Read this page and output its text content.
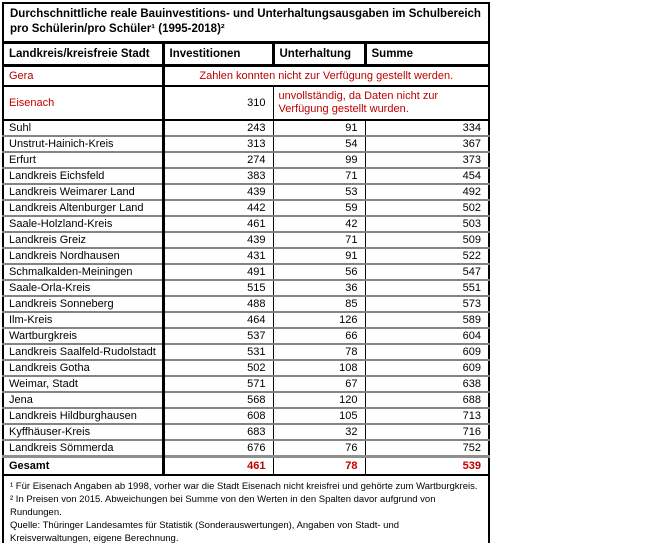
Durchschnittliche reale Bauinvestitions- und Unterhaltungsausgaben im Schulbereich pro Schülerin/pro Schüler¹ (1995-2018)²			
Landkreis/kreisfreie Stadt	Investitionen	Unterhaltung	Summe
Gera	Zahlen konnten nicht zur Verfügung gestellt werden.		
Eisenach	310	unvollständig, da Daten nicht zur Verfügung gestellt wurden.	
Suhl	243	91	334
Unstrut-Hainich-Kreis	313	54	367
Erfurt	274	99	373
Landkreis Eichsfeld	383	71	454
Landkreis Weimarer Land	439	53	492
Landkreis Altenburger Land	442	59	502
Saale-Holzland-Kreis	461	42	503
Landkreis Greiz	439	71	509
Landkreis Nordhausen	431	91	522
Schmalkalden-Meiningen	491	56	547
Saale-Orla-Kreis	515	36	551
Landkreis Sonneberg	488	85	573
Ilm-Kreis	464	126	589
Wartburgkreis	537	66	604
Landkreis Saalfeld-Rudolstadt	531	78	609
Landkreis Gotha	502	108	609
Weimar, Stadt	571	67	638
Jena	568	120	688
Landkreis Hildburghausen	608	105	713
Kyffhäuser-Kreis	683	32	716
Landkreis Sömmerda	676	76	752
Gesamt	461	78	539
¹ Für Eisenach Angaben ab 1998, vorher war die Stadt Eisenach nicht kreisfrei und gehörte zum Wartburgkreis. ² In Preisen von 2015. Abweichungen bei Summe von den Werten in den Spalten davor aufgrund von Rundungen.
Quelle: Thüringer Landesamtes für Statistik (Sonderauswertungen), Angaben von Stadt- und Kreisverwaltungen, eigene Berechnung.			
